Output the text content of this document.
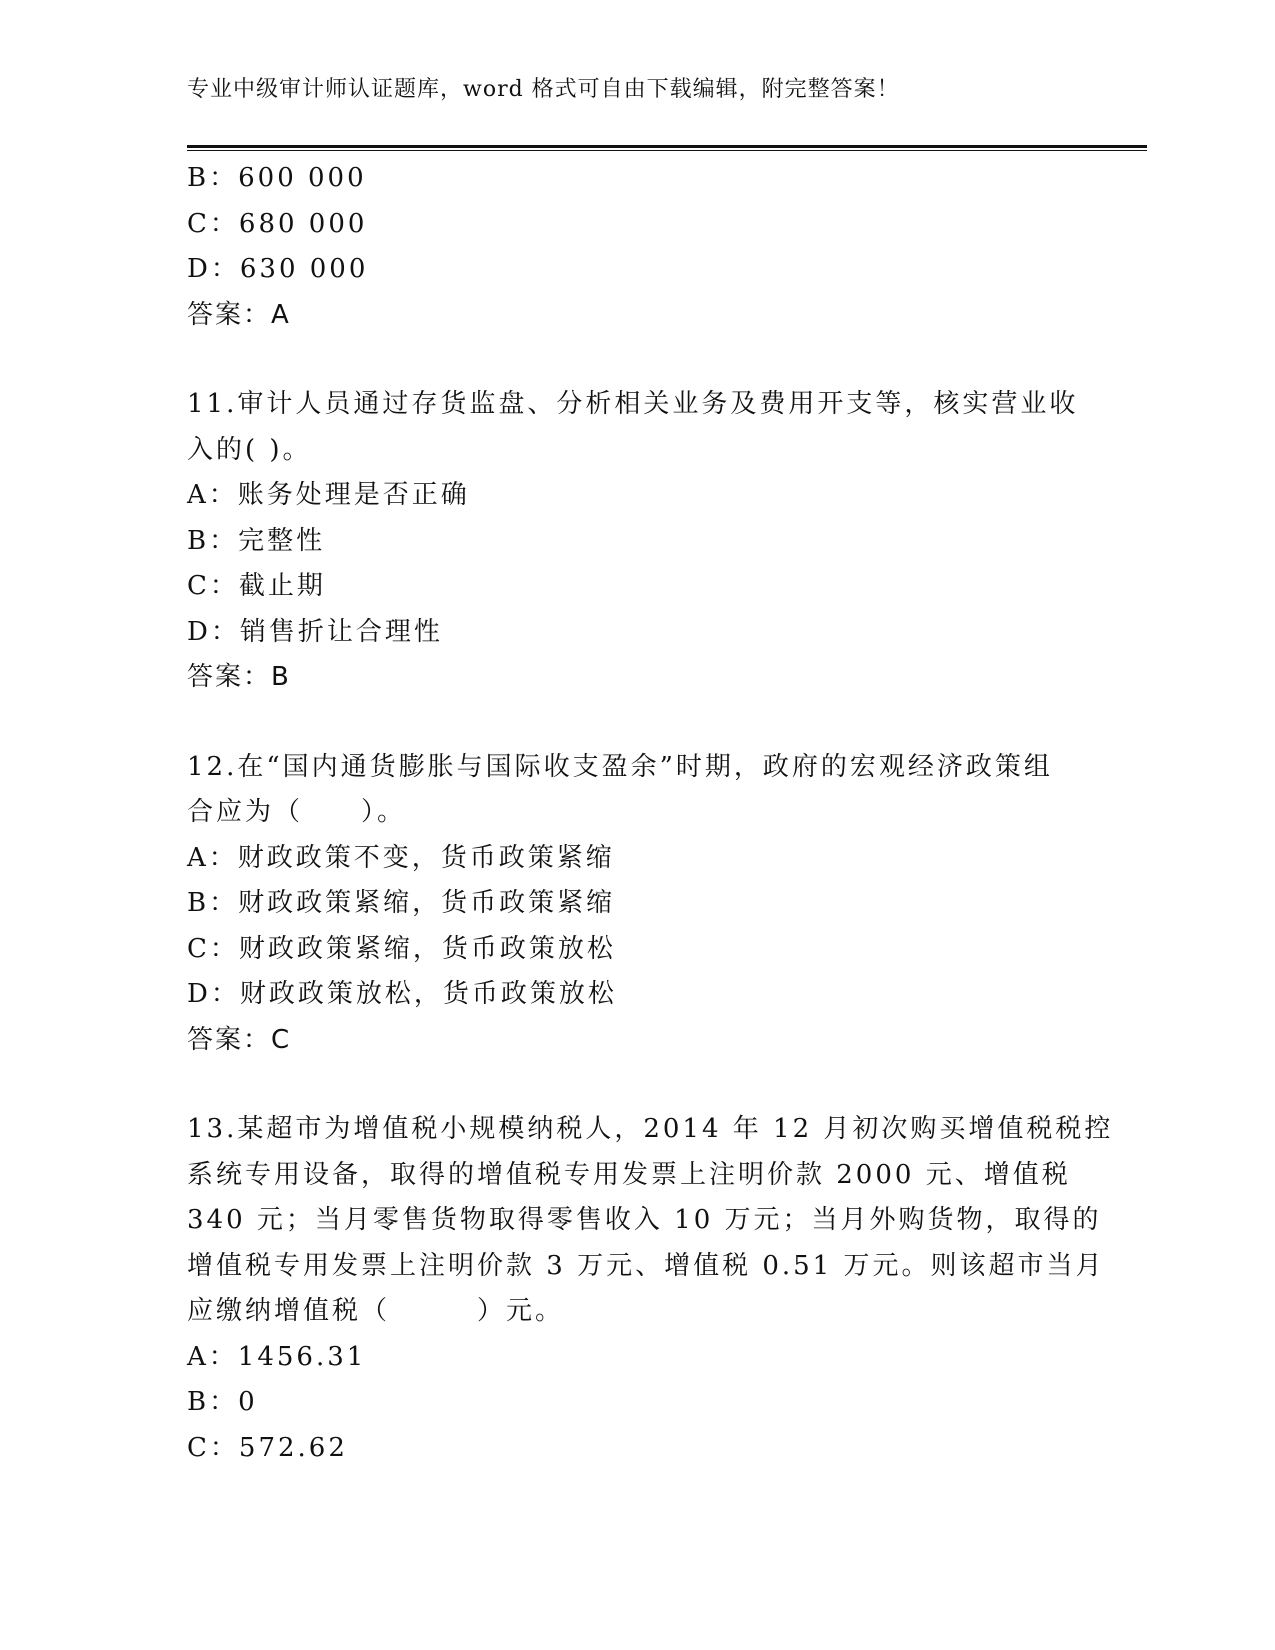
专业中级审计师认证题库，word 格式可自由下载编辑，附完整答案！
B：600 000
C：680 000
D：630 000
答案：A
11.审计人员通过存货监盘、分析相关业务及费用开支等，核实营业收
入的( )。
A：账务处理是否正确
B：完整性
C：截止期
D：销售折让合理性
答案：B
12.在“国内通货膨胀与国际收支盈余”时期，政府的宏观经济政策组
合应为（　　）。
A：财政政策不变，货币政策紧缩
B：财政政策紧缩，货币政策紧缩
C：财政政策紧缩，货币政策放松
D：财政政策放松，货币政策放松
答案：C
13.某超市为增值税小规模纳税人，2014 年 12 月初次购买增值税税控
系统专用设备，取得的增值税专用发票上注明价款 2000 元、增值税
340 元；当月零售货物取得零售收入 10 万元；当月外购货物，取得的
增值税专用发票上注明价款 3 万元、增值税 0.51 万元。则该超市当月
应缴纳增值税（　　　）元。
A：1456.31
B：0
C：572.62
